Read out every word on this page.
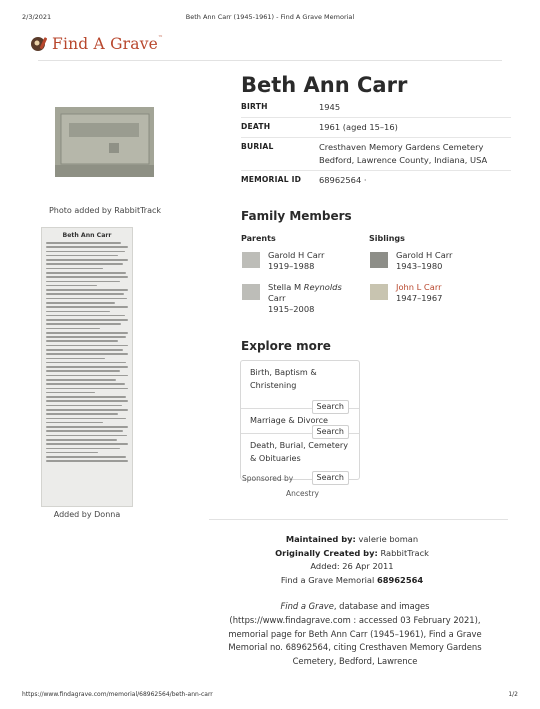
2/3/2021	Beth Ann Carr (1945-1961) - Find A Grave Memorial
Find A Grave™
Beth Ann Carr
BIRTH	1945
DEATH	1961 (aged 15–16)
BURIAL	Cresthaven Memory Gardens Cemetery
Bedford, Lawrence County, Indiana, USA
MEMORIAL ID	68962564 ·
Photo added by RabbitTrack
Beth Ann Carr
Added by Donna
Family Members
Parents	Siblings
Garold H Carr
1919–1988
Stella M Reynolds
Carr
1915–2008
Garold H Carr
1943–1980
John L Carr
1947–1967
Explore more
Birth, Baptism & Christening
Search
Marriage & Divorce
Search
Death, Burial, Cemetery & Obituaries
Search
Sponsored by
Ancestry
Maintained by: valerie boman
Originally Created by: RabbitTrack
Added: 26 Apr 2011
Find a Grave Memorial 68962564
Find a Grave, database and images (https://www.findagrave.com : accessed 03 February 2021), memorial page for Beth Ann Carr (1945–1961), Find a Grave Memorial no. 68962564, citing Cresthaven Memory Gardens Cemetery, Bedford, Lawrence
https://www.findagrave.com/memorial/68962564/beth-ann-carr	1/2
